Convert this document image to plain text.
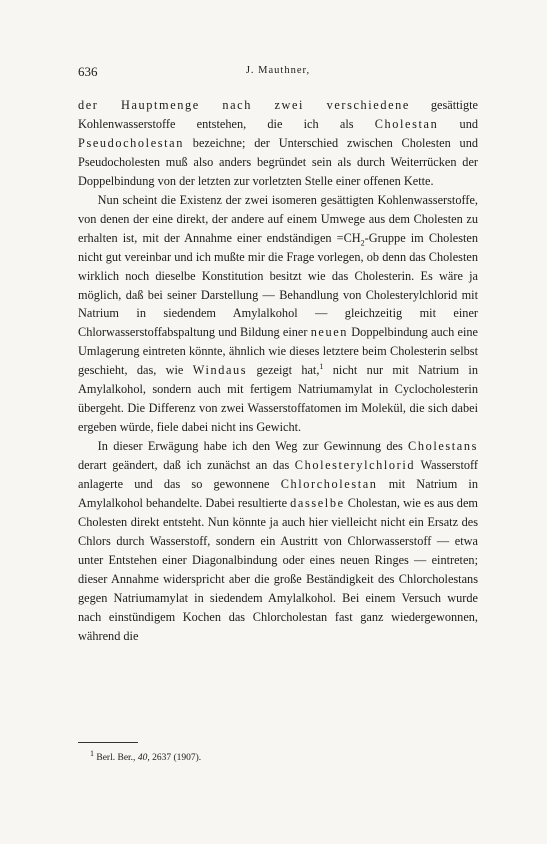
636	J. Mauthner,

der Hauptmenge nach zwei verschiedene gesättigte Kohlenwasserstoffe entstehen, die ich als Cholestan und Pseudocholestan bezeichne; der Unterschied zwischen Cholesten und Pseudocholesten muß also anders begründet sein als durch Weiterrücken der Doppelbindung von der letzten zur vorletzten Stelle einer offenen Kette.

Nun scheint die Existenz der zwei isomeren gesättigten Kohlenwasserstoffe, von denen der eine direkt, der andere auf einem Umwege aus dem Cholesten zu erhalten ist, mit der Annahme einer endständigen $=CH_2$-Gruppe im Cholesten nicht gut vereinbar und ich mußte mir die Frage vorlegen, ob denn das Cholesten wirklich noch dieselbe Konstitution besitzt wie das Cholesterin. Es wäre ja möglich, daß bei seiner Darstellung — Behandlung von Cholesterylchlorid mit Natrium in siedendem Amylalkohol — gleichzeitig mit einer Chlorwasserstoffabspaltung und Bildung einer neuen Doppelbindung auch eine Umlagerung eintreten könnte, ähnlich wie dieses letztere beim Cholesterin selbst geschieht, das, wie Windaus gezeigt hat,$^1$ nicht nur mit Natrium in Amylalkohol, sondern auch mit fertigem Natriumamylat in Cyclocholesterin übergeht. Die Differenz von zwei Wasserstoffatomen im Molekül, die sich dabei ergeben würde, fiele dabei nicht ins Gewicht.

In dieser Erwägung habe ich den Weg zur Gewinnung des Cholestans derart geändert, daß ich zunächst an das Cholesterylchlorid Wasserstoff anlagerte und das so gewonnene Chlorcholestan mit Natrium in Amylalkohol behandelte. Dabei resultierte dasselbe Cholestan, wie es aus dem Cholesten direkt entsteht. Nun könnte ja auch hier vielleicht nicht ein Ersatz des Chlors durch Wasserstoff, sondern ein Austritt von Chlorwasserstoff — etwa unter Entstehen einer Diagonalbindung oder eines neuen Ringes — eintreten; dieser Annahme widerspricht aber die große Beständigkeit des Chlorcholestans gegen Natriumamylat in siedendem Amylalkohol. Bei einem Versuch wurde nach einstündigem Kochen das Chlorcholestan fast ganz wiedergewonnen, während die

$^1$ Berl. Ber., 40, 2637 (1907).
